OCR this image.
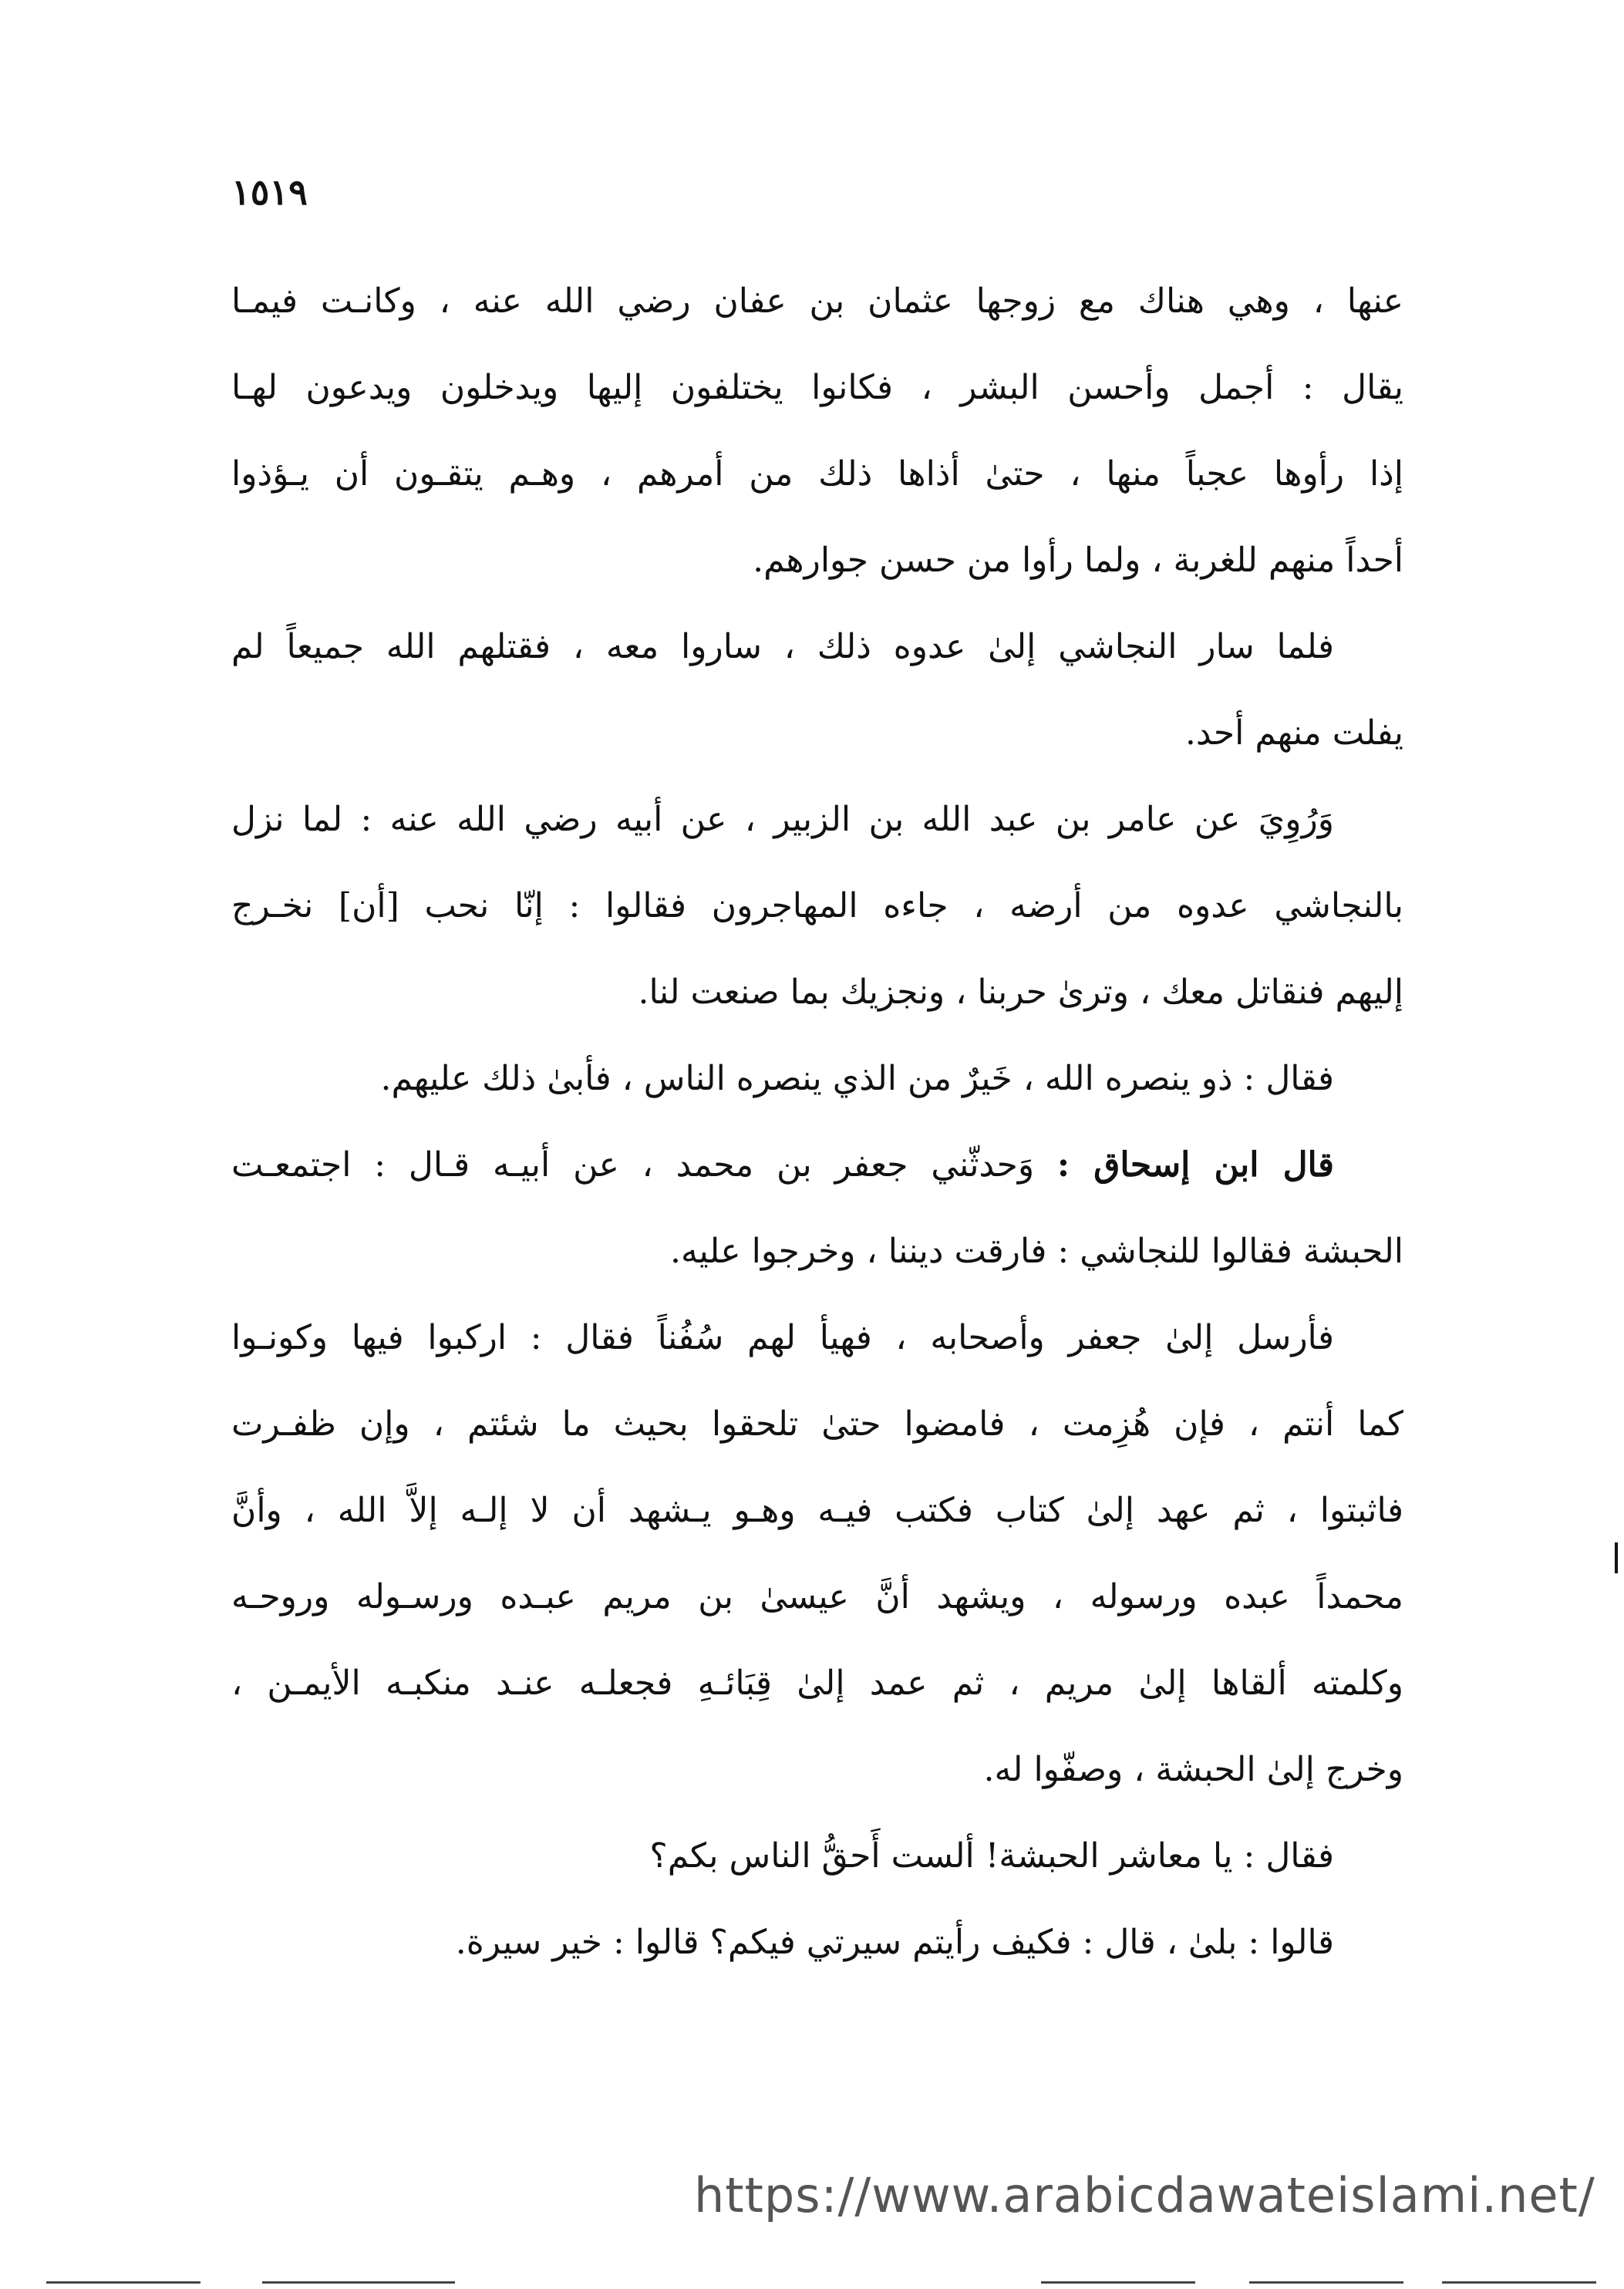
١٥١٩
عنها ، وهي هناك مع زوجها عثمان بن عفان رضي الله عنه ، وكانـت فيمـا
يقال : أجمل وأحسن البشر ، فكانوا يختلفون إليها ويدخلون ويدعون لهـا
إذا رأوها عجباً منها ، حتىٰ أذاها ذلك من أمرهم ، وهـم يتقـون أن يـؤذوا
أحداً منهم للغربة ، ولما رأوا من حسن جوارهم.
فلما سار النجاشي إلىٰ عدوه ذلك ، ساروا معه ، فقتلهم الله جميعاً لم
يفلت منهم أحد.
وَرُوِيَ عن عامر بن عبد الله بن الزبير ، عن أبيه رضي الله عنه : لما نزل
بالنجاشي عدوه من أرضه ، جاءه المهاجرون فقالوا : إنّا نحب [أن] نخـرج
إليهم فنقاتل معك ، وترىٰ حربنا ، ونجزيك بما صنعت لنا.
فقال : ذو ينصره الله ، خَيرٌ من الذي ينصره الناس ، فأبىٰ ذلك عليهم.
قال ابن إسحاق : وَحدثّني جعفر بن محمد ، عن أبيـه قـال : اجتمعـت
الحبشة فقالوا للنجاشي : فارقت ديننا ، وخرجوا عليه.
فأرسل إلىٰ جعفر وأصحابه ، فهيأ لهم سُفُناً فقال : اركبوا فيها وكونـوا
كما أنتم ، فإن هُزِمت ، فامضوا حتىٰ تلحقوا بحيث ما شئتم ، وإن ظفـرت
فاثبتوا ، ثم عهد إلىٰ كتاب فكتب فيـه وهـو يـشهد أن لا إلـه إلاَّ الله ، وأنَّ
محمداً عبده ورسوله ، ويشهد أنَّ عيسىٰ بن مريم عبـده ورسـوله وروحـه
وكلمته ألقاها إلىٰ مريم ، ثم عمد إلىٰ قِبَائـهِ فجعلـه عنـد منكبـه الأيمـن ،
وخرج إلىٰ الحبشة ، وصفّوا له.
فقال : يا معاشر الحبشة! ألست أَحقُّ الناس بكم؟
قالوا : بلىٰ ، قال : فكيف رأيتم سيرتي فيكم؟ قالوا : خير سيرة.
https://www.arabicdawateislami.net/
